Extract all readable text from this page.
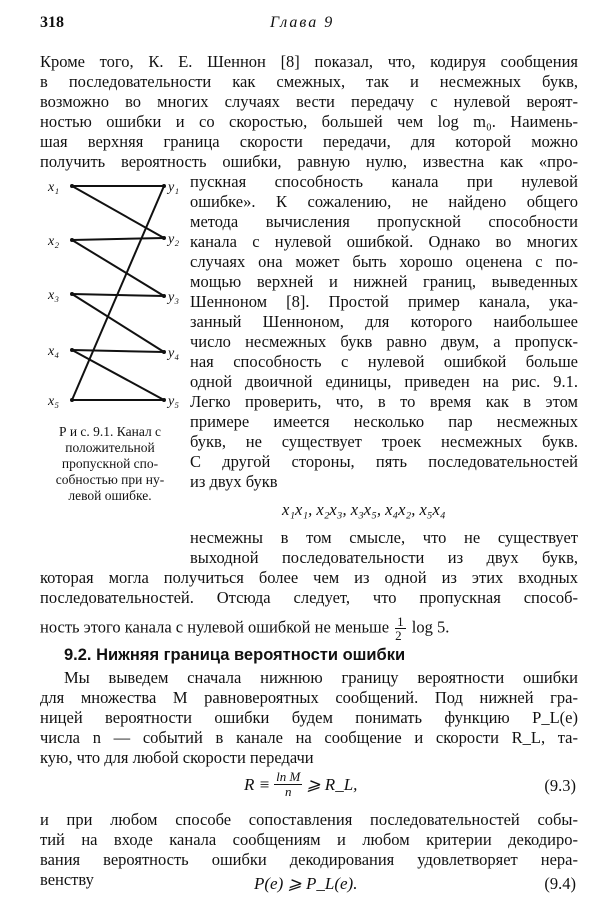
318	Глава 9
Кроме того, К. Е. Шеннон [8] показал, что, кодируя сообщения
в последовательности как смежных, так и несмежных букв,
возможно во многих случаях вести передачу с нулевой вероят-
ностью ошибки и со скоростью, большей чем log m₀. Наимень-
шая верхняя граница скорости передачи, для которой можно
получить вероятность ошибки, равную нулю, известна как «про-
пускная способность канала при нулевой
ошибке». К сожалению, не найдено общего
метода вычисления пропускной способности
канала с нулевой ошибкой. Однако во многих
случаях она может быть хорошо оценена с по-
мощью верхней и нижней границ, выведенных
Шенноном [8]. Простой пример канала, ука-
занный Шенноном, для которого наибольшее
число несмежных букв равно двум, а пропуск-
ная способность с нулевой ошибкой больше
одной двоичной единицы, приведен на рис. 9.1.
Легко проверить, что, в то время как в этом
примере имеется несколько пар несмежных
букв, не существует троек несмежных букв.
С другой стороны, пять последовательностей
из двух букв
x₁x₁, x₂x₃, x₃x₅, x₄x₂, x₅x₄
несмежны в том смысле, что не существует
выходной последовательности из двух букв,
которая могла получиться более чем из одной из этих входных
последовательностей. Отсюда следует, что пропускная способ-
ность этого канала с нулевой ошибкой не меньше $\frac{1}{2}$ log 5.
x₁
x₂
x₃
x₄
x₅
y₁
y₂
y₃
y₄
y₅
Р и с. 9.1. Канал с
положительной
пропускной спо-
собностью при ну-
левой ошибке.
9.2. Нижняя граница вероятности ошибки
Мы выведем сначала нижнюю границу вероятности ошибки
для множества M равновероятных сообщений. Под нижней гра-
ницей вероятности ошибки будем понимать функцию P_L(e)
числа n — событий в канале на сообщение и скорости R_L, та-
кую, что для любой скорости передачи
$R \equiv \frac{\text{ln M}}{n}$ ⩾ R_L,	(9.3)
и при любом способе сопоставления последовательностей собы-
тий на входе канала сообщениям и любом критерии декодиро-
вания вероятность ошибки декодирования удовлетворяет нера-
венству	P(e) ⩾ P_L(e).	(9.4)
